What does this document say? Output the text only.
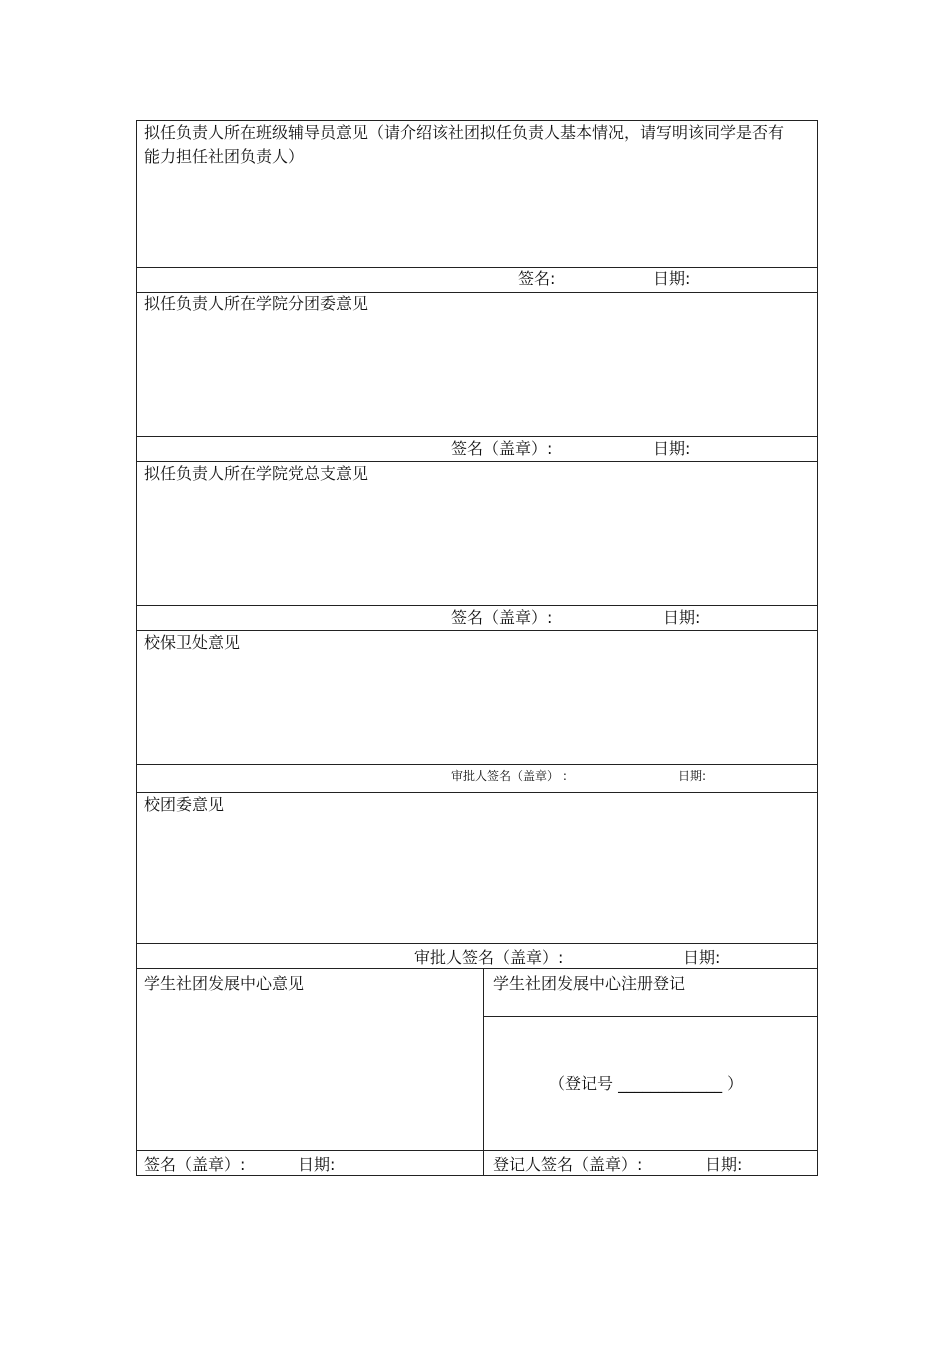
拟任负责人所在班级辅导员意见（请介绍该社团拟任负责人基本情况，请写明该同学是否有能力担任社团负责人）
签名:	日期:
拟任负责人所在学院分团委意见
签名（盖章）:	日期:
拟任负责人所在学院党总支意见
签名（盖章）:	日期:
校保卫处意见
审批人签名（盖章） :	日期:
校团委意见
审批人签名（盖章）:	日期:
学生社团发展中心意见	学生社团发展中心注册登记
（登记号 _____________ ）
签名（盖章）:	日期:	登记人签名（盖章）:	日期:
